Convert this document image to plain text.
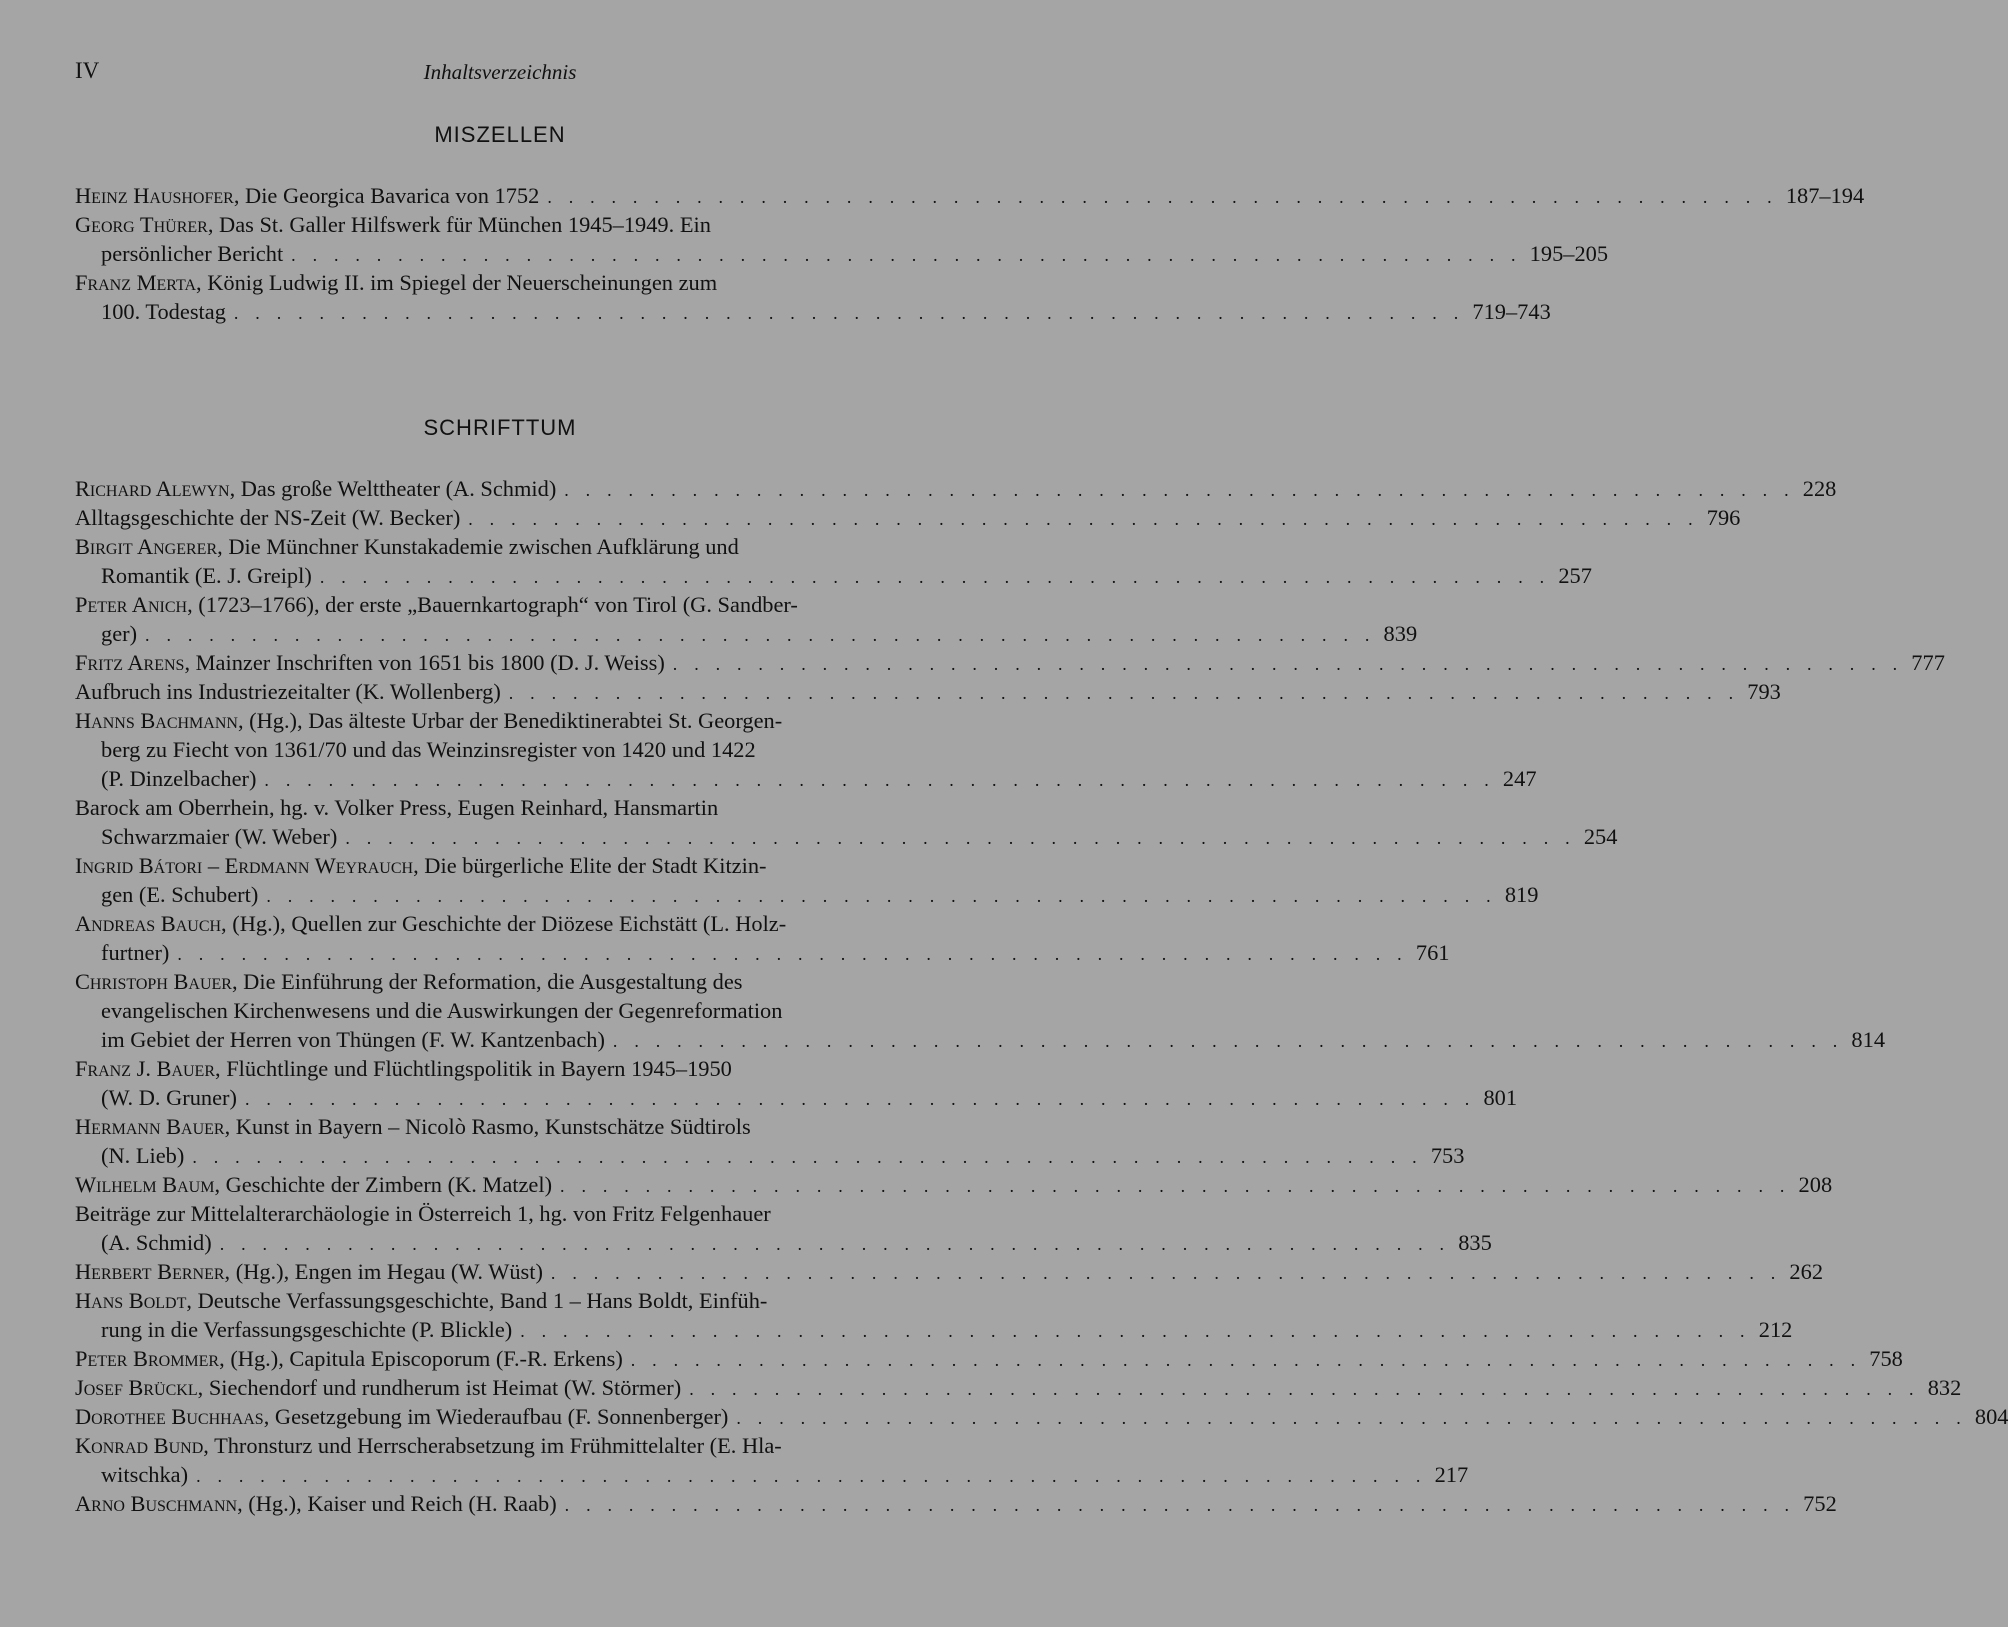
IV	Inhaltsverzeichnis
MISZELLEN
Heinz Haushofer, Die Georgica Bavarica von 1752 . . . . . . . . . . . . . . . . . . . . . . . . . . . . . . . . . . . . . . . . . . . . . . . . . . . . . . . . . . 187–194
Georg Thürer, Das St. Galler Hilfswerk für München 1945–1949. Ein
persönlicher Bericht . . . . . . . . . . . . . . . . . . . . . . . . . . . . . . . . . . . . . . . . . . . . . . . . . . . . . . . . . . 195–205
Franz Merta, König Ludwig II. im Spiegel der Neuerscheinungen zum
100. Todestag . . . . . . . . . . . . . . . . . . . . . . . . . . . . . . . . . . . . . . . . . . . . . . . . . . . . . . . . . . 719–743
SCHRIFTTUM
Richard Alewyn, Das große Welttheater (A. Schmid) . . . . . . . . . . . . . . . . . . . . . . . . . . . . . . . . . . . . . . . . . . . . . . . . . . . . . . . . . . 228
Alltagsgeschichte der NS-Zeit (W. Becker) . . . . . . . . . . . . . . . . . . . . . . . . . . . . . . . . . . . . . . . . . . . . . . . . . . . . . . . . . . 796
Birgit Angerer, Die Münchner Kunstakademie zwischen Aufklärung und
Romantik (E. J. Greipl) . . . . . . . . . . . . . . . . . . . . . . . . . . . . . . . . . . . . . . . . . . . . . . . . . . . . . . . . . . 257
Peter Anich, (1723–1766), der erste „Bauernkartograph“ von Tirol (G. Sandber-
ger) . . . . . . . . . . . . . . . . . . . . . . . . . . . . . . . . . . . . . . . . . . . . . . . . . . . . . . . . . . 839
Fritz Arens, Mainzer Inschriften von 1651 bis 1800 (D. J. Weiss) . . . . . . . . . . . . . . . . . . . . . . . . . . . . . . . . . . . . . . . . . . . . . . . . . . . . . . . . . . 777
Aufbruch ins Industriezeitalter (K. Wollenberg) . . . . . . . . . . . . . . . . . . . . . . . . . . . . . . . . . . . . . . . . . . . . . . . . . . . . . . . . . . 793
Hanns Bachmann, (Hg.), Das älteste Urbar der Benediktinerabtei St. Georgen-
berg zu Fiecht von 1361/70 und das Weinzinsregister von 1420 und 1422
(P. Dinzelbacher) . . . . . . . . . . . . . . . . . . . . . . . . . . . . . . . . . . . . . . . . . . . . . . . . . . . . . . . . . . 247
Barock am Oberrhein, hg. v. Volker Press, Eugen Reinhard, Hansmartin
Schwarzmaier (W. Weber) . . . . . . . . . . . . . . . . . . . . . . . . . . . . . . . . . . . . . . . . . . . . . . . . . . . . . . . . . . 254
Ingrid Bátori – Erdmann Weyrauch, Die bürgerliche Elite der Stadt Kitzin-
gen (E. Schubert) . . . . . . . . . . . . . . . . . . . . . . . . . . . . . . . . . . . . . . . . . . . . . . . . . . . . . . . . . . 819
Andreas Bauch, (Hg.), Quellen zur Geschichte der Diözese Eichstätt (L. Holz-
furtner) . . . . . . . . . . . . . . . . . . . . . . . . . . . . . . . . . . . . . . . . . . . . . . . . . . . . . . . . . . 761
Christoph Bauer, Die Einführung der Reformation, die Ausgestaltung des
evangelischen Kirchenwesens und die Auswirkungen der Gegenreformation
im Gebiet der Herren von Thüngen (F. W. Kantzenbach) . . . . . . . . . . . . . . . . . . . . . . . . . . . . . . . . . . . . . . . . . . . . . . . . . . . . . . . . . . 814
Franz J. Bauer, Flüchtlinge und Flüchtlingspolitik in Bayern 1945–1950
(W. D. Gruner) . . . . . . . . . . . . . . . . . . . . . . . . . . . . . . . . . . . . . . . . . . . . . . . . . . . . . . . . . . 801
Hermann Bauer, Kunst in Bayern – Nicolò Rasmo, Kunstschätze Südtirols
(N. Lieb) . . . . . . . . . . . . . . . . . . . . . . . . . . . . . . . . . . . . . . . . . . . . . . . . . . . . . . . . . . 753
Wilhelm Baum, Geschichte der Zimbern (K. Matzel) . . . . . . . . . . . . . . . . . . . . . . . . . . . . . . . . . . . . . . . . . . . . . . . . . . . . . . . . . . 208
Beiträge zur Mittelalterarchäologie in Österreich 1, hg. von Fritz Felgenhauer
(A. Schmid) . . . . . . . . . . . . . . . . . . . . . . . . . . . . . . . . . . . . . . . . . . . . . . . . . . . . . . . . . . 835
Herbert Berner, (Hg.), Engen im Hegau (W. Wüst) . . . . . . . . . . . . . . . . . . . . . . . . . . . . . . . . . . . . . . . . . . . . . . . . . . . . . . . . . . 262
Hans Boldt, Deutsche Verfassungsgeschichte, Band 1 – Hans Boldt, Einfüh-
rung in die Verfassungsgeschichte (P. Blickle) . . . . . . . . . . . . . . . . . . . . . . . . . . . . . . . . . . . . . . . . . . . . . . . . . . . . . . . . . . 212
Peter Brommer, (Hg.), Capitula Episcoporum (F.-R. Erkens) . . . . . . . . . . . . . . . . . . . . . . . . . . . . . . . . . . . . . . . . . . . . . . . . . . . . . . . . . . 758
Josef Brückl, Siechendorf und rundherum ist Heimat (W. Störmer) . . . . . . . . . . . . . . . . . . . . . . . . . . . . . . . . . . . . . . . . . . . . . . . . . . . . . . . . . . 832
Dorothee Buchhaas, Gesetzgebung im Wiederaufbau (F. Sonnenberger) . . . . . . . . . . . . . . . . . . . . . . . . . . . . . . . . . . . . . . . . . . . . . . . . . . . . . . . . . . 804
Konrad Bund, Thronsturz und Herrscherabsetzung im Frühmittelalter (E. Hla-
witschka) . . . . . . . . . . . . . . . . . . . . . . . . . . . . . . . . . . . . . . . . . . . . . . . . . . . . . . . . . . 217
Arno Buschmann, (Hg.), Kaiser und Reich (H. Raab) . . . . . . . . . . . . . . . . . . . . . . . . . . . . . . . . . . . . . . . . . . . . . . . . . . . . . . . . . . 752
